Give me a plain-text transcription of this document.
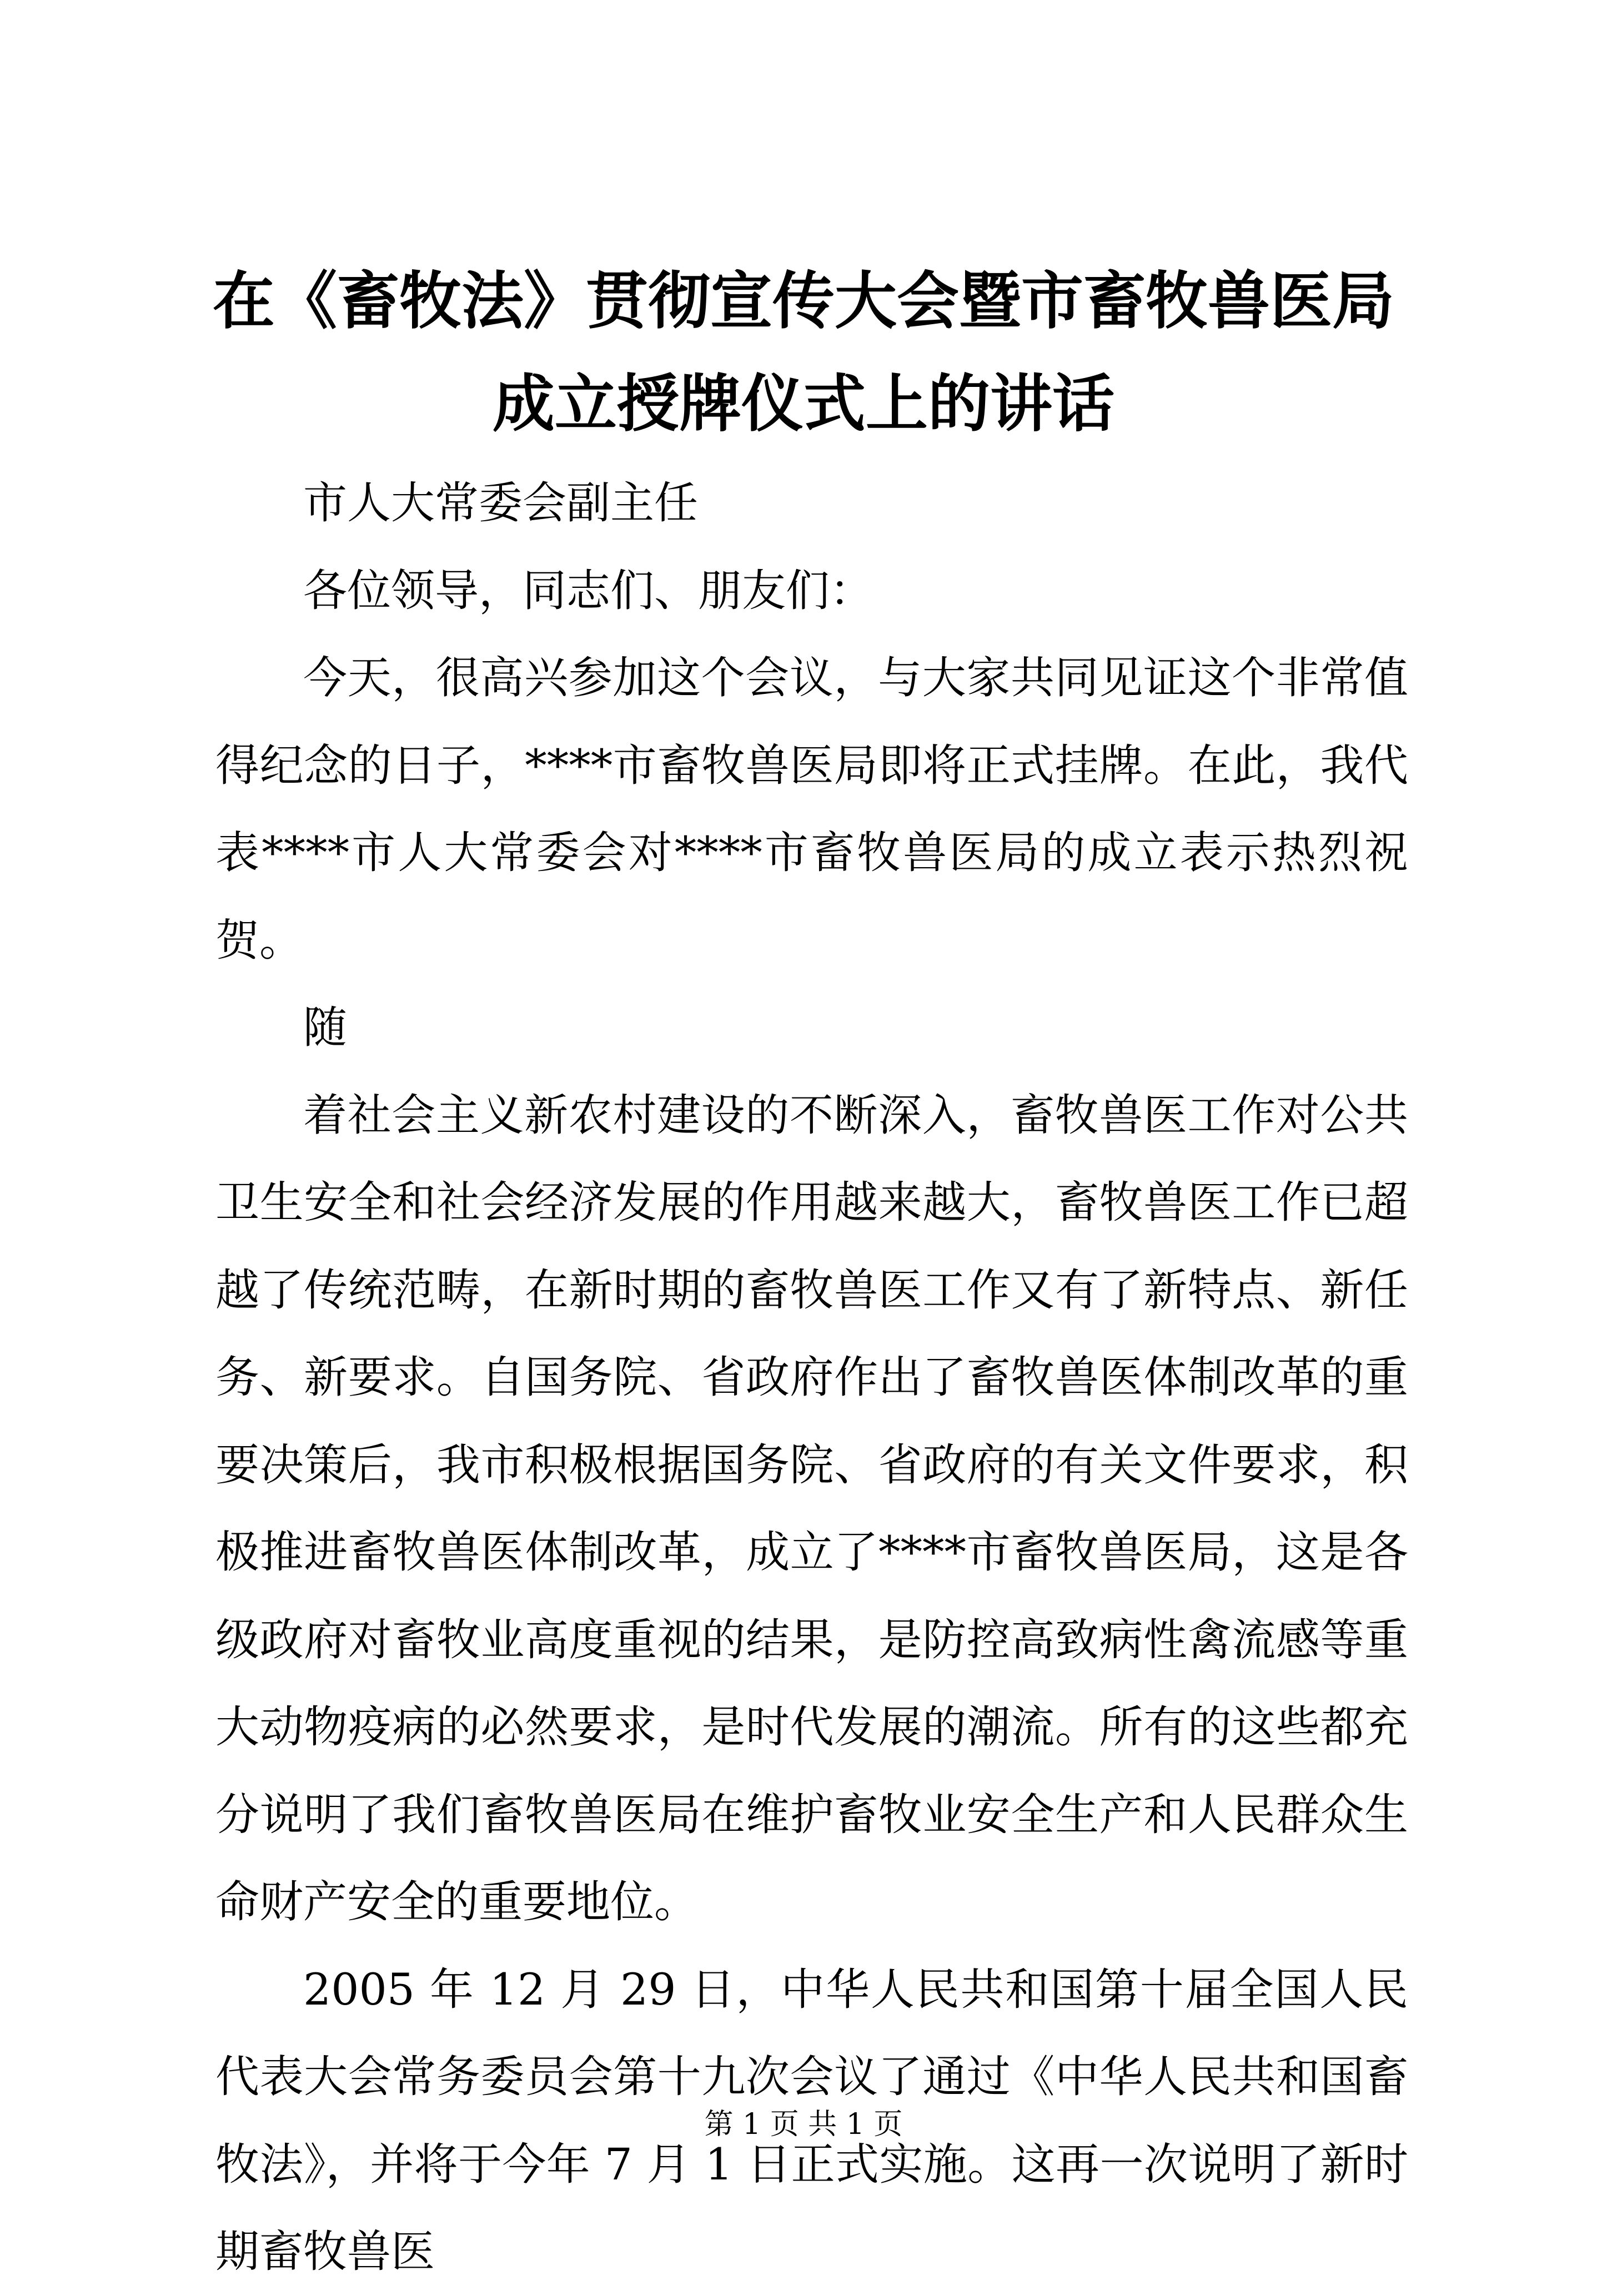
在《畜牧法》贯彻宣传大会暨市畜牧兽医局成立授牌仪式上的讲话

市人大常委会副主任

各位领导，同志们、朋友们：

今天，很高兴参加这个会议，与大家共同见证这个非常值得纪念的日子，****市畜牧兽医局即将正式挂牌。在此，我代表****市人大常委会对****市畜牧兽医局的成立表示热烈祝贺。

随

着社会主义新农村建设的不断深入，畜牧兽医工作对公共卫生安全和社会经济发展的作用越来越大，畜牧兽医工作已超越了传统范畴，在新时期的畜牧兽医工作又有了新特点、新任务、新要求。自国务院、省政府作出了畜牧兽医体制改革的重要决策后，我市积极根据国务院、省政府的有关文件要求，积极推进畜牧兽医体制改革，成立了****市畜牧兽医局，这是各级政府对畜牧业高度重视的结果，是防控高致病性禽流感等重大动物疫病的必然要求，是时代发展的潮流。所有的这些都充分说明了我们畜牧兽医局在维护畜牧业安全生产和人民群众生命财产安全的重要地位。

2005 年 12 月 29 日，中华人民共和国第十届全国人民代表大会常务委员会第十九次会议了通过《中华人民共和国畜牧法》，并将于今年 7 月 1 日正式实施。这再一次说明了新时期畜牧兽医

第 1 页 共 1 页
